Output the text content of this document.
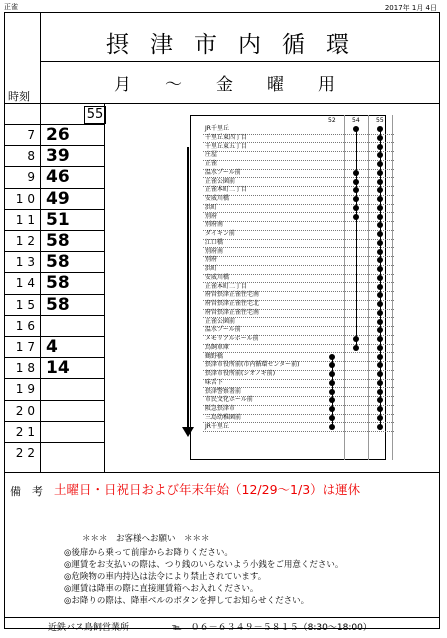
正雀	2017年 1月 4日
摂津市内循環
月〜金曜用
時刻
55
7 26
8 39
9 46
10 49
11 51
12 58
13 58
14 58
15 58
16
17 4
18 14
19
20
21
22
52	54	55
JR千里丘
千里丘東四丁目
千里丘東五丁目
庄屋
正雀
温水プール前
正雀公園前
正雀本町二丁目
安威川橋
浜町
別府
別府南
ダイキン前
江口橋
別府南
別府
浜町
安威川橋
正雀本町二丁目
府営摂津正雀住宅南
府営摂津正雀住宅北
府営摂津正雀住宅南
正雀公園前
温水プール前
メモリアルホール前
鳥飼車庫
鶴野橋
摂津市役所前(市内循環センター前)
摂津市役所前(シオノギ前)
味舌下
摂津警察署前
市民文化ホール前
阪急摂津市
三島幼稚園前
JR千里丘
備　考 土曜日・日祝日および年末年始（12/29〜1/3）は運休
＊＊＊　お客様へお願い　＊＊＊
◎後扉から乗って前扉からお降りください。
◎運賃をお支払いの際は、つり銭のいらないよう小銭をご用意ください。
◎危険物の車内持込は法令により禁止されています。
◎運賃は降車の際に直接運賃箱へお入れください。
◎お降りの際は、降車ベルのボタンを押してお知らせください。
近鉄バス鳥飼営業所	℡　０６－６３４９－５８１５（8:30～18:00）
